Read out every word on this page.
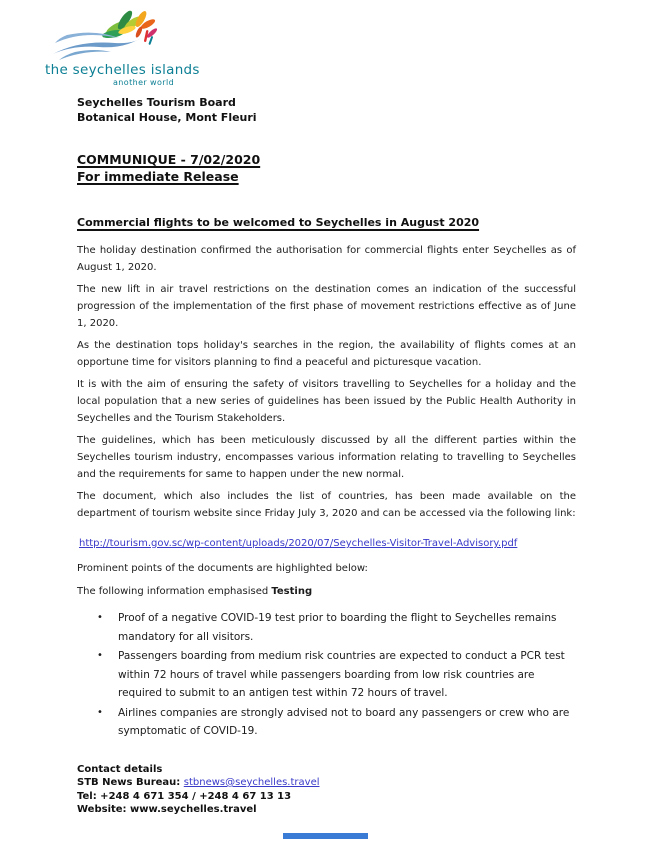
the seychelles islands
another world
Seychelles Tourism Board
Botanical House, Mont Fleuri
COMMUNIQUE - 7/02/2020
For immediate Release
Commercial flights to be welcomed to Seychelles in August 2020

The holiday destination confirmed the authorisation for commercial flights enter Seychelles as of August 1, 2020.

The new lift in air travel restrictions on the destination comes an indication of the successful progression of the implementation of the first phase of movement restrictions effective as of June 1, 2020.

As the destination tops holiday's searches in the region, the availability of flights comes at an opportune time for visitors planning to find a peaceful and picturesque vacation.

It is with the aim of ensuring the safety of visitors travelling to Seychelles for a holiday and the local population that a new series of guidelines has been issued by the Public Health Authority in Seychelles and the Tourism Stakeholders.

The guidelines, which has been meticulously discussed by all the different parties within the Seychelles tourism industry, encompasses various information relating to travelling to Seychelles and the requirements for same to happen under the new normal.

The document, which also includes the list of countries, has been made available on the department of tourism website since Friday July 3, 2020 and can be accessed via the following link:

http://tourism.gov.sc/wp-content/uploads/2020/07/Seychelles-Visitor-Travel-Advisory.pdf
Prominent points of the documents are highlighted below:
The following information emphasised Testing
• Proof of a negative COVID-19 test prior to boarding the flight to Seychelles remains mandatory for all visitors.
• Passengers boarding from medium risk countries are expected to conduct a PCR test within 72 hours of travel while passengers boarding from low risk countries are required to submit to an antigen test within 72 hours of travel.
• Airlines companies are strongly advised not to board any passengers or crew who are symptomatic of COVID-19.
Contact details
STB News Bureau: stbnews@seychelles.travel
Tel: +248 4 671 354 / +248 4 67 13 13
Website: www.seychelles.travel
